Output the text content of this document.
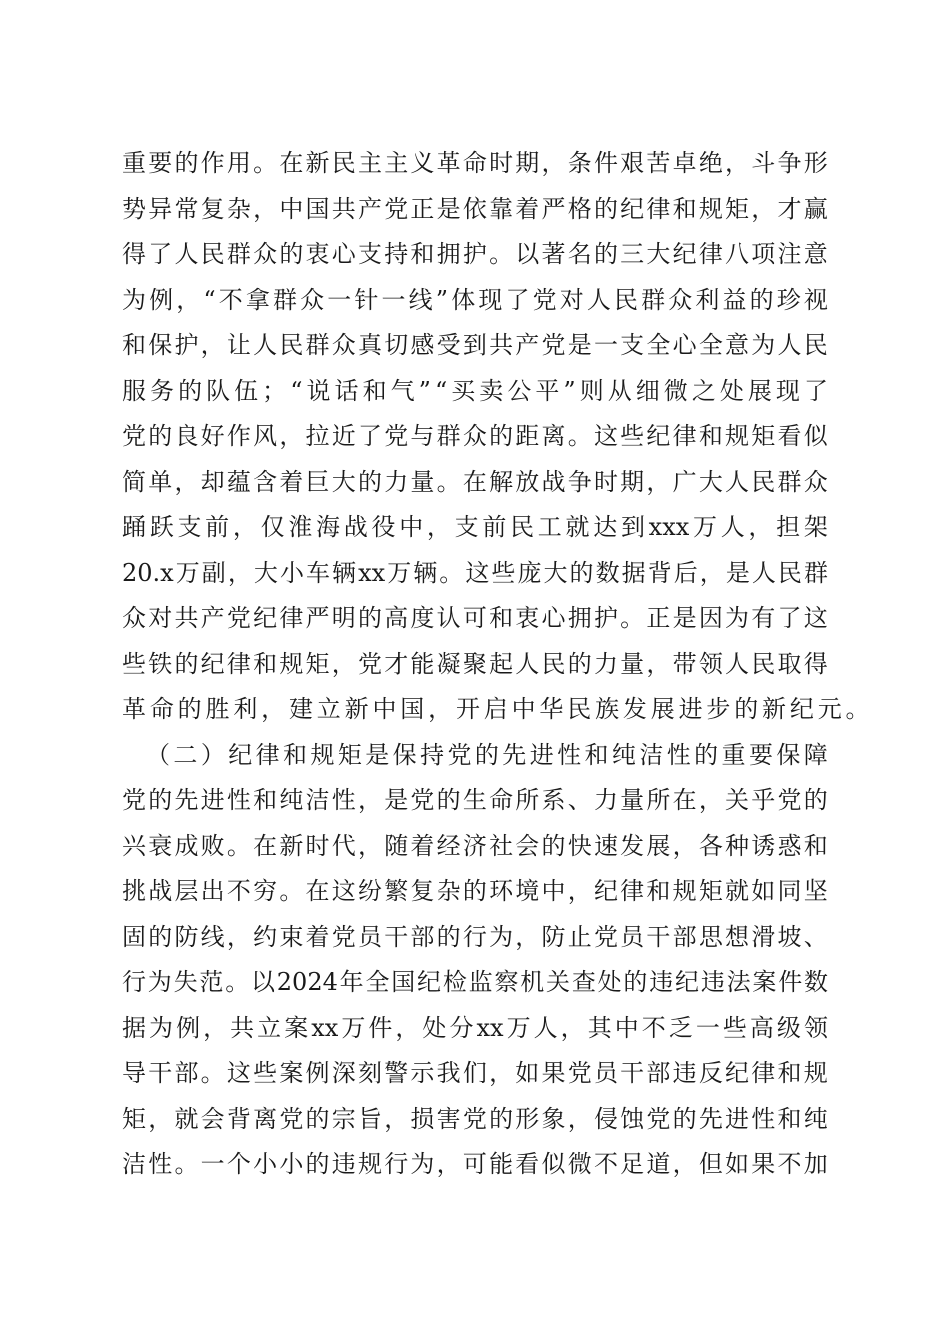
重 要 的 作 用 。 在 新 民 主 主 义 革 命 时 期 ， 条 件 艰 苦 卓 绝 ， 斗 争 形
势 异 常 复 杂 ， 中 国 共 产 党 正 是 依 靠 着 严 格 的 纪 律 和 规 矩 ， 才 赢
得 了 人 民 群 众 的 衷 心 支 持 和 拥 护 。 以 著 名 的 三 大 纪 律 八 项 注 意
为 例 ， “ 不 拿 群 众 一 针 一 线 ” 体 现 了 党 对 人 民 群 众 利 益 的 珍 视
和 保 护 ， 让 人 民 群 众 真 切 感 受 到 共 产 党 是 一 支 全 心 全 意 为 人 民
服 务 的 队 伍 ； “ 说 话 和 气 ” “ 买 卖 公 平 ” 则 从 细 微 之 处 展 现 了
党 的 良 好 作 风 ， 拉 近 了 党 与 群 众 的 距 离 。 这 些 纪 律 和 规 矩 看 似
简 单 ， 却 蕴 含 着 巨 大 的 力 量 。 在 解 放 战 争 时 期 ， 广 大 人 民 群 众
踊 跃 支 前 ， 仅 淮 海 战 役 中 ， 支 前 民 工 就 达 到 xxx 万 人 ， 担 架
20.x 万 副 ， 大 小 车 辆 xx 万 辆 。 这 些 庞 大 的 数 据 背 后 ， 是 人 民 群
众 对 共 产 党 纪 律 严 明 的 高 度 认 可 和 衷 心 拥 护 。 正 是 因 为 有 了 这
些 铁 的 纪 律 和 规 矩 ， 党 才 能 凝 聚 起 人 民 的 力 量 ， 带 领 人 民 取 得
革 命 的 胜 利 ， 建 立 新 中 国 ， 开 启 中 华 民 族 发 展 进 步 的 新 纪 元 。
（ 二 ） 纪 律 和 规 矩 是 保 持 党 的 先 进 性 和 纯 洁 性 的 重 要 保 障
党 的 先 进 性 和 纯 洁 性 ， 是 党 的 生 命 所 系 、 力 量 所 在 ， 关 乎 党 的
兴 衰 成 败 。 在 新 时 代 ， 随 着 经 济 社 会 的 快 速 发 展 ， 各 种 诱 惑 和
挑 战 层 出 不 穷 。 在 这 纷 繁 复 杂 的 环 境 中 ， 纪 律 和 规 矩 就 如 同 坚
固 的 防 线 ， 约 束 着 党 员 干 部 的 行 为 ， 防 止 党 员 干 部 思 想 滑 坡 、
行 为 失 范 。 以 2024 年 全 国 纪 检 监 察 机 关 查 处 的 违 纪 违 法 案 件 数
据 为 例 ， 共 立 案 xx 万 件 ， 处 分 xx 万 人 ， 其 中 不 乏 一 些 高 级 领
导 干 部 。 这 些 案 例 深 刻 警 示 我 们 ， 如 果 党 员 干 部 违 反 纪 律 和 规
矩 ， 就 会 背 离 党 的 宗 旨 ， 损 害 党 的 形 象 ， 侵 蚀 党 的 先 进 性 和 纯
洁 性 。 一 个 小 小 的 违 规 行 为 ， 可 能 看 似 微 不 足 道 ， 但 如 果 不 加
